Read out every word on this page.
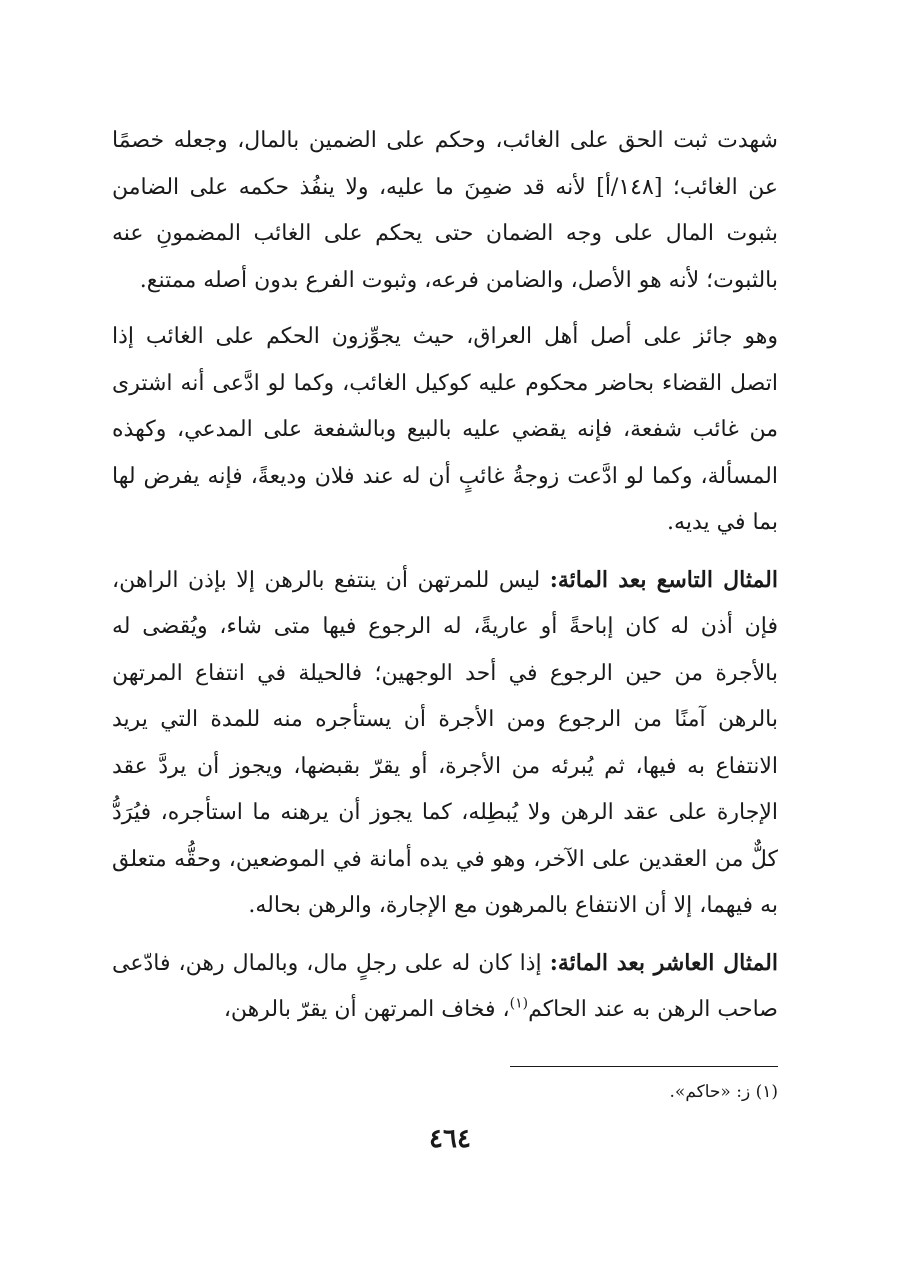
شهدت ثبت الحق على الغائب، وحكم على الضمين بالمال، وجعله خصمًا عن الغائب؛ [١٤٨/أ] لأنه قد ضمِنَ ما عليه، ولا ينفُذ حكمه على الضامن بثبوت المال على وجه الضمان حتى يحكم على الغائب المضمونِ عنه بالثبوت؛ لأنه هو الأصل، والضامن فرعه، وثبوت الفرع بدون أصله ممتنع.

وهو جائز على أصل أهل العراق، حيث يجوِّزون الحكم على الغائب إذا اتصل القضاء بحاضر محكوم عليه كوكيل الغائب، وكما لو ادَّعى أنه اشترى من غائب شفعة، فإنه يقضي عليه بالبيع وبالشفعة على المدعي، وكهذه المسألة، وكما لو ادَّعت زوجةُ غائبٍ أن له عند فلان وديعةً، فإنه يفرض لها بما في يديه.

المثال التاسع بعد المائة: ليس للمرتهن أن ينتفع بالرهن إلا بإذن الراهن، فإن أذن له كان إباحةً أو عاريةً، له الرجوع فيها متى شاء، ويُقضى له بالأجرة من حين الرجوع في أحد الوجهين؛ فالحيلة في انتفاع المرتهن بالرهن آمنًا من الرجوع ومن الأجرة أن يستأجره منه للمدة التي يريد الانتفاع به فيها، ثم يُبرئه من الأجرة، أو يقرّ بقبضها، ويجوز أن يردَّ عقد الإجارة على عقد الرهن ولا يُبطِله، كما يجوز أن يرهنه ما استأجره، فيُرَدُّ كلٌّ من العقدين على الآخر، وهو في يده أمانة في الموضعين، وحقُّه متعلق به فيهما، إلا أن الانتفاع بالمرهون مع الإجارة، والرهن بحاله.

المثال العاشر بعد المائة: إذا كان له على رجلٍ مال، وبالمال رهن، فادّعى صاحب الرهن به عند الحاكم$^{(١)}$، فخاف المرتهن أن يقرّ بالرهن،

(١) ز: «حاكم».
٤٦٤
